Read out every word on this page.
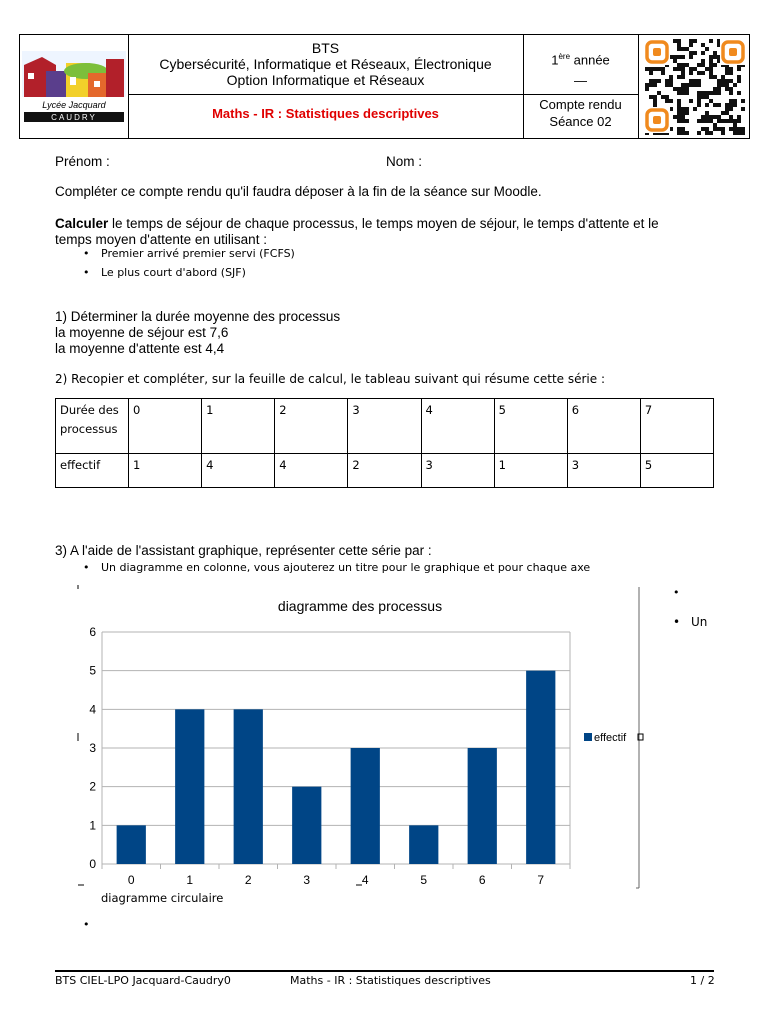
Lycée Jacquard
CAUDRY
BTS
Cybersécurité, Informatique et Réseaux, Électronique
Option Informatique et Réseaux
Maths - IR : Statistiques descriptives
1ère année
—
Compte rendu
Séance 02
Prénom :	Nom :
Compléter ce compte rendu qu'il faudra déposer à la fin de la séance sur Moodle.
Calculer le temps de séjour de chaque processus, le temps moyen de séjour, le temps d'attente et le
temps moyen d'attente en utilisant :
• Premier arrivé premier servi (FCFS)
• Le plus court d'abord (SJF)
1) Déterminer la durée moyenne des processus
la moyenne de séjour est 7,6
la moyenne d'attente est 4,4
2) Recopier et compléter, sur la feuille de calcul, le tableau suivant qui résume cette série :
Durée des
processus	0	1	2	3	4	5	6	7
effectif	1	4	4	2	3	1	3	5
3) A l'aide de l'assistant graphique, représenter cette série par :
• Un diagramme en colonne, vous ajouterez un titre pour le graphique et pour chaque axe
diagramme des processus
0
1
2
3
4
5
6
0	1	2	3	4	5	6	7
effectif
• Un
diagramme circulaire
BTS CIEL-LPO Jacquard-Caudry0	Maths - IR : Statistiques descriptives	1 / 2
